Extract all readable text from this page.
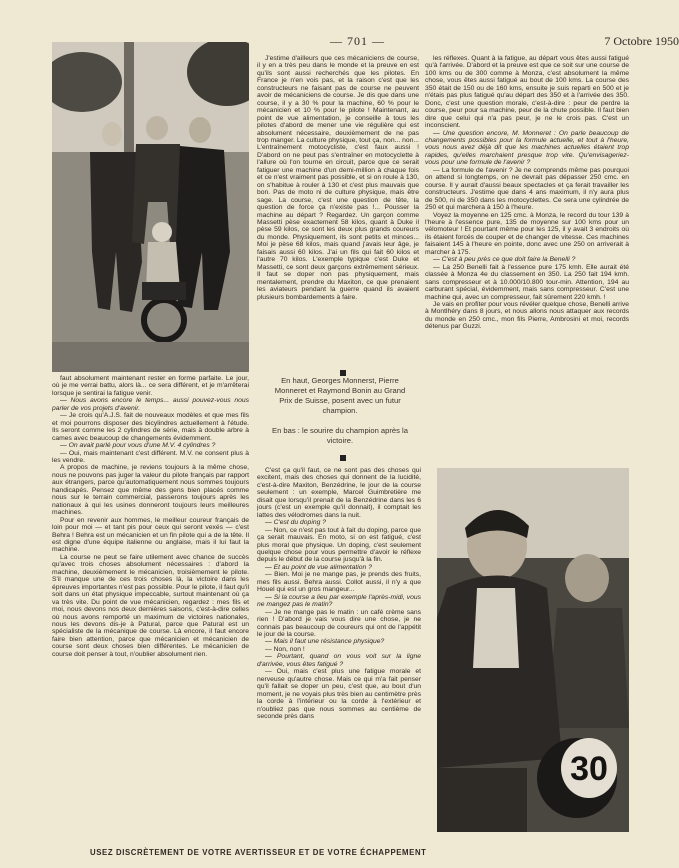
— 701 —	7 Octobre 1950

faut absolument maintenant rester en forme parfaite. Le jour, où je me verrai battu, alors là... ce sera différent, et je m'arrêterai lorsque je sentirai la fatigue venir.

— Nous avons encore le temps... aussi pouvez-vous nous parler de vos projets d'avenir.

— Je crois qu'A.J.S. fait de nouveaux modèles et que mes fils et moi pourrons disposer des bicylindres actuellement à l'étude. Ils seront comme les 2 cylindres de série, mais à double arbre à cames avec beaucoup de changements évidemment.

— On avait parlé pour vous d'une M.V. 4 cylindres ?

— Oui, mais maintenant c'est différent. M.V. ne consent plus à les vendre.

A propos de machine, je reviens toujours à la même chose, nous ne pouvons pas juger la valeur du pilote français par rapport aux étrangers, parce qu'automatiquement nous sommes toujours handicapés. Pensez que même des gens bien placés comme nous sur le terrain commercial, passerons toujours après les nationaux à qui les usines donneront toujours leurs meilleures machines.

Pour en revenir aux hommes, le meilleur coureur français de loin pour moi — et tant pis pour ceux qui seront vexés — c'est Behra ! Behra est un mécanicien et un fin pilote qui a de la tête. Il est digne d'une équipe italienne ou anglaise, mais il lui faut la machine.

La course ne peut se faire utilement avec chance de succès qu'avec trois choses absolument nécessaires : d'abord la machine, deuxièmement le mécanicien, troisièmement le pilote. S'il manque une de ces trois choses là, la victoire dans les épreuves importantes n'est pas possible. Pour le pilote, il faut qu'il soit dans un état physique impeccable, surtout maintenant où ça va très vite. Du point de vue mécanicien, regardez : mes fils et moi, nous devons nos deux dernières saisons, c'est-à-dire celles où nous avons remporté un maximum de victoires nationales, nous les devons dis-je à Patural, parce que Patural est un spécialiste de la mécanique de course. Là encore, il faut encore faire bien attention, parce que mécanicien et mécanicien de course sont deux choses bien différentes. Le mécanicien de course doit penser à tout, n'oublier absolument rien.

J'estime d'ailleurs que ces mécaniciens de course, il y en a très peu dans le monde et la preuve en est qu'ils sont aussi recherchés que les pilotes. En France je n'en vois pas, et la raison c'est que les constructeurs ne faisant pas de course ne peuvent avoir de mécaniciens de course. Je dis que dans une course, il y a 30 % pour la machine, 60 % pour le mécanicien et 10 % pour le pilote ! Maintenant, au point de vue alimentation, je conseille à tous les pilotes d'abord de mener une vie régulière qui est absolument nécessaire, deuxièmement de ne pas trop manger. La culture physique, tout ça, non... non... L'entraînement motocycliste, c'est faux aussi ! D'abord on ne peut pas s'entraîner en motocyclette à l'allure où l'on tourne en circuit, parce que ce serait fatiguer une machine d'un demi-million à chaque fois et ce n'est vraiment pas possible, et si on roule à 130, on s'habitue à rouler à 130 et c'est plus mauvais que bon. Pas de moto ni de culture physique, mais être sage. La course, c'est une question de tête, la question de force ça n'existe pas !... Pousser la machine au départ ? Regardez. Un garçon comme Massetti pèse exactement 58 kilos, quant à Duke il pèse 59 kilos, ce sont les deux plus grands coureurs du monde. Physiquement, ils sont petits et minces... Moi je pèse 68 kilos, mais quand j'avais leur âge, je faisais aussi 60 kilos. J'ai un fils qui fait 60 kilos et l'autre 70 kilos. L'exemple typique c'est Duke et Massetti, ce sont deux garçons extrêmement sérieux. Il faut se doper non pas physiquement, mais mentalement, prendre du Maxiton, ce que prenaient les aviateurs pendant la guerre quand ils avaient plusieurs bombardements à faire.

En haut, Georges Monnerst, Pierre Monneret et Raymond Bonin au Grand Prix de Suisse, posent avec un futur champion.

En bas : le sourire du champion après la victoire.

C'est ça qu'il faut, ce ne sont pas des choses qui excitent, mais des choses qui donnent de la lucidité, c'est-à-dire Maxiton, Benzédrine, le jour de la course seulement : un exemple, Marcel Guimbretière me disait que lorsqu'il prenait de la Benzédrine dans les 6 jours (c'est un exemple qu'il donnait), il comptait les lattes des vélodromes dans la nuit.

— C'est du doping ?

— Non, ce n'est pas tout à fait du doping, parce que ça serait mauvais. En moto, si on est fatigué, c'est plus moral que physique. Un doping, c'est seulement quelque chose pour vous permettre d'avoir le réflexe depuis le début de la course jusqu'à la fin.

— Et au point de vue alimentation ?

— Bien. Moi je ne mange pas, je prends des fruits, mes fils aussi. Behra aussi. Collot aussi, il n'y a que Houel qui est un gros mangeur...

— Si la course a lieu par exemple l'après-midi, vous ne mangez pas le matin?

— Je ne mange pas le matin : un café crème sans rien ! D'abord je vais vous dire une chose, je ne connais pas beaucoup de coureurs qui ont de l'appétit le jour de la course.

— Mais il faut une résistance physique?

— Non, non !

— Pourtant, quand on vous voit sur la ligne d'arrivée, vous êtes fatigué ?

— Oui, mais c'est plus une fatigue morale et nerveuse qu'autre chose. Mais ce qui m'a fait penser qu'il fallait se doper un peu, c'est que, au bout d'un moment, je ne voyais plus très bien au centimètre près la corde à l'intérieur ou la corde à l'extérieur et n'oubliez pas que nous sommes au centième de seconde près dans

les réflexes. Quant à la fatigue, au départ vous êtes aussi fatigué qu'à l'arrivée. D'abord et la preuve est que ce soit sur une course de 100 kms ou de 300 comme à Monza, c'est absolument la même chose, vous êtes aussi fatigué au bout de 100 kms. La course des 350 était de 150 ou de 160 kms, ensuite je suis reparti en 500 et je n'étais pas plus fatigué qu'au départ des 350 et à l'arrivée des 350. Donc, c'est une question morale, c'est-à-dire : peur de perdre la course, peur pour sa machine, peur de la chute possible. Il faut bien dire que celui qui n'a pas peur, je ne le crois pas. C'est un inconscient.

— Une question encore, M. Monneret : On parle beaucoup de changements possibles pour la formule actuelle, et tout à l'heure, vous nous avez déjà dit que les machines actuelles étaient trop rapides, qu'elles marchaient presque trop vite. Qu'envisageriez-vous pour une formule de l'avenir ?

— La formule de l'avenir ? Je ne comprends même pas pourquoi on attend si longtemps, on ne devrait pas dépasser 250 cmc. en course. Il y aurait d'aussi beaux spectacles et ça ferait travailler les constructeurs. J'estime que dans 4 ans maximum, il n'y aura plus de 500, ni de 350 dans les motocyclettes. Ce sera une cylindrée de 250 et qui marchera à 150 à l'heure.

Voyez la moyenne en 125 cmc. à Monza, le record du tour 139 à l'heure à l'essence pure, 135 de moyenne sur 100 kms pour un vélomoteur ! Et pourtant même pour les 125, il y avait 3 endroits où ils étaient forcés de couper et de changer de vitesse. Ces machines faisaient 145 à l'heure en pointe, donc avec une 250 on arriverait à marcher à 175.

— C'est à peu près ce que doit faire la Benelli ?

— La 250 Benelli fait à l'essence pure 175 kmh. Elle aurait été classée à Monza 4e du classement en 350. La 250 fait 194 kmh. sans compresseur et à 10.000/10.800 tour-min. Attention, 194 au carburant spécial, évidemment, mais sans compresseur. C'est une machine qui, avec un compresseur, fait sûrement 220 kmh. !

Je vais en profiter pour vous révéler quelque chose, Benelli arrive à Montlhéry dans 8 jours, et nous allons nous attaquer aux records du monde en 250 cmc., mon fils Pierre, Ambrosini et moi, records détenus par Guzzi.

30
USEZ DISCRÈTEMENT DE VOTRE AVERTISSEUR ET DE VOTRE ÉCHAPPEMENT
